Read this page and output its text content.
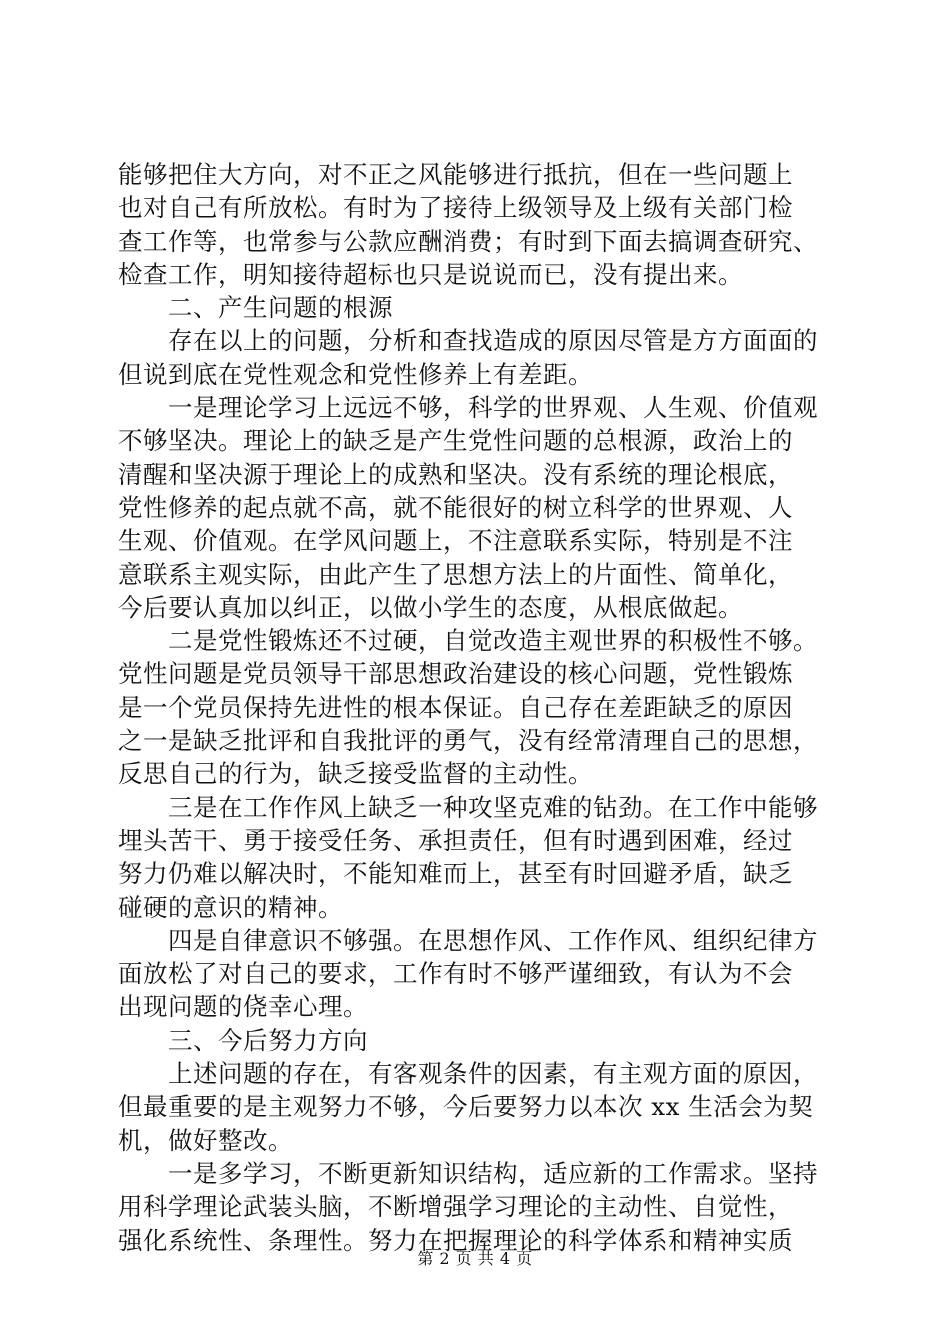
能够把住大方向，对不正之风能够进行抵抗，但在一些问题上
也对自己有所放松。有时为了接待上级领导及上级有关部门检
查工作等，也常参与公款应酬消费；有时到下面去搞调查研究、
检查工作，明知接待超标也只是说说而已，没有提出来。
　　二、产生问题的根源
　　存在以上的问题，分析和查找造成的原因尽管是方方面面的
但说到底在党性观念和党性修养上有差距。
　　一是理论学习上远远不够，科学的世界观、人生观、价值观
不够坚决。理论上的缺乏是产生党性问题的总根源，政治上的
清醒和坚决源于理论上的成熟和坚决。没有系统的理论根底，
党性修养的起点就不高，就不能很好的树立科学的世界观、人
生观、价值观。在学风问题上，不注意联系实际，特别是不注
意联系主观实际，由此产生了思想方法上的片面性、简单化，
今后要认真加以纠正，以做小学生的态度，从根底做起。
　　二是党性锻炼还不过硬，自觉改造主观世界的积极性不够。
党性问题是党员领导干部思想政治建设的核心问题，党性锻炼
是一个党员保持先进性的根本保证。自己存在差距缺乏的原因
之一是缺乏批评和自我批评的勇气，没有经常清理自己的思想，
反思自己的行为，缺乏接受监督的主动性。
　　三是在工作作风上缺乏一种攻坚克难的钻劲。在工作中能够
埋头苦干、勇于接受任务、承担责任，但有时遇到困难，经过
努力仍难以解决时，不能知难而上，甚至有时回避矛盾，缺乏
碰硬的意识的精神。
　　四是自律意识不够强。在思想作风、工作作风、组织纪律方
面放松了对自己的要求，工作有时不够严谨细致，有认为不会
出现问题的侥幸心理。
　　三、今后努力方向
　　上述问题的存在，有客观条件的因素，有主观方面的原因，
但最重要的是主观努力不够，今后要努力以本次 xx 生活会为契
机，做好整改。
　　一是多学习，不断更新知识结构，适应新的工作需求。坚持
用科学理论武装头脑，不断增强学习理论的主动性、自觉性，
强化系统性、条理性。努力在把握理论的科学体系和精神实质
第 2 页 共 4 页
